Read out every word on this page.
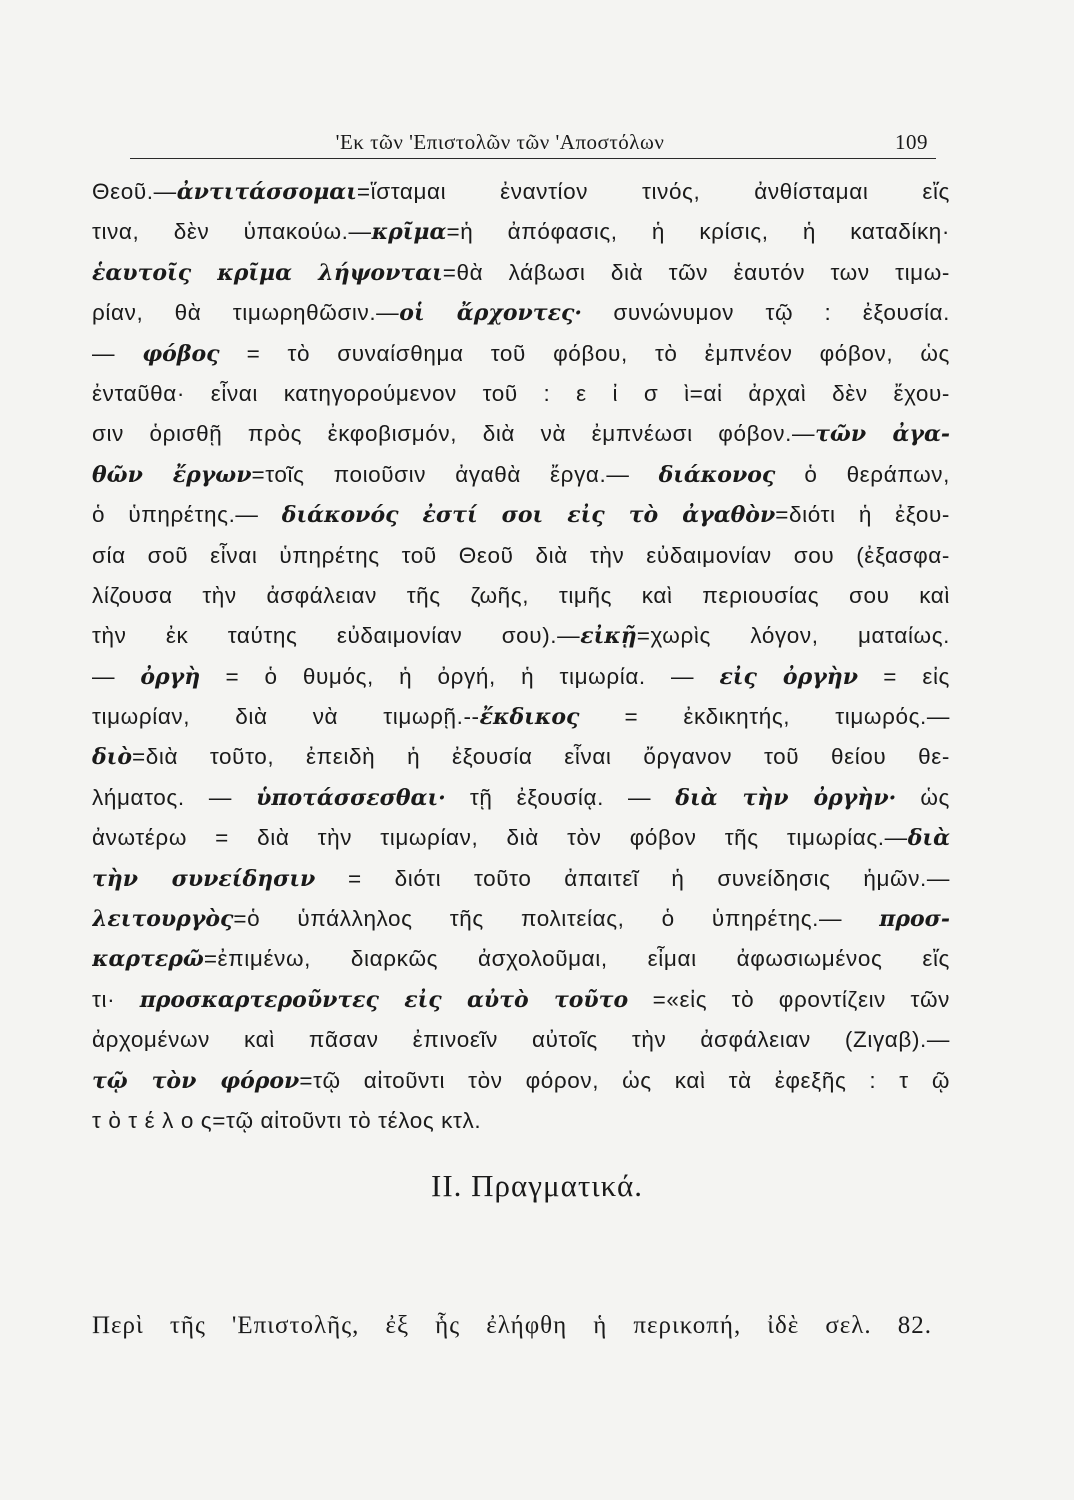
'Εκ τῶν 'Επιστολῶν τῶν 'Αποστόλων	109
Θεοῦ.—ἀντιτάσσομαι=ἵσταμαι ἐναντίον τινός, ἀνθίσταμαι εἴς
τινα, δὲν ὑπακούω.—κρῖμα=ἡ ἀπόφασις, ἡ κρίσις, ἡ καταδίκη·
ἑαυτοῖς κρῖμα λήψονται=θὰ λάβωσι διὰ τῶν ἑαυτόν των τιμω-
ρίαν, θὰ τιμωρηθῶσιν.—οἱ ἄρχοντες· συνώνυμον τῷ : ἐξουσία.
— φόβος = τὸ συναίσθημα τοῦ φόβου, τὸ ἐμπνέον φόβον, ὡς
ἐνταῦθα· εἶναι κατηγορούμενον τοῦ : ε ἰ σ ὶ=αἱ ἀρχαὶ δὲν ἔχου-
σιν ὁρισθῇ πρὸς ἐκφοβισμόν, διὰ νὰ ἐμπνέωσι φόβον.—τῶν ἀγα-
θῶν ἔργων=τοῖς ποιοῦσιν ἀγαθὰ ἔργα.— διάκονος ὁ θεράπων,
ὁ ὑπηρέτης.— διάκονός ἐστί σοι εἰς τὸ ἀγαθὸν=διότι ἡ ἐξου-
σία σοῦ εἶναι ὑπηρέτης τοῦ Θεοῦ διὰ τὴν εὐδαιμονίαν σου (ἐξασφα-
λίζουσα τὴν ἀσφάλειαν τῆς ζωῆς, τιμῆς καὶ περιουσίας σου καὶ
τὴν ἐκ ταύτης εὐδαιμονίαν σου).—εἰκῇ=χωρὶς λόγον, ματαίως.
— ὀργὴ = ὁ θυμός, ἡ ὀργή, ἡ τιμωρία. — εἰς ὀργὴν = εἰς
τιμωρίαν, διὰ νὰ τιμωρῇ.--ἔκδικος = ἐκδικητής, τιμωρός.—
διὸ=διὰ τοῦτο, ἐπειδὴ ἡ ἐξουσία εἶναι ὄργανον τοῦ θείου θε-
λήματος. — ὑποτάσσεσθαι· τῇ ἐξουσίᾳ. — διὰ τὴν ὀργὴν· ὡς
ἀνωτέρω = διὰ τὴν τιμωρίαν, διὰ τὸν φόβον τῆς τιμωρίας.—διὰ
τὴν συνείδησιν = διότι τοῦτο ἀπαιτεῖ ἡ συνείδησις ἡμῶν.—
λειτουργὸς=ὁ ὑπάλληλος τῆς πολιτείας, ὁ ὑπηρέτης.— προσ-
καρτερῶ=ἐπιμένω, διαρκῶς ἀσχολοῦμαι, εἶμαι ἀφωσιωμένος εἴς
τι· προσκαρτεροῦντες εἰς αὐτὸ τοῦτο =«εἰς τὸ φροντίζειν τῶν
ἀρχομένων καὶ πᾶσαν ἐπινοεῖν αὐτοῖς τὴν ἀσφάλειαν (Ζιγαβ).—
τῷ τὸν φόρον=τῷ αἰτοῦντι τὸν φόρον, ὡς καὶ τὰ ἐφεξῆς : τ ῷ
τ ὸ τ έ λ ο ς=τῷ αἰτοῦντι τὸ τέλος κτλ.
ΙΙ. Πραγματικά.
Περὶ τῆς 'Επιστολῆς, ἐξ ἧς ἐλήφθη ἡ περικοπή, ἰδὲ σελ. 82.
